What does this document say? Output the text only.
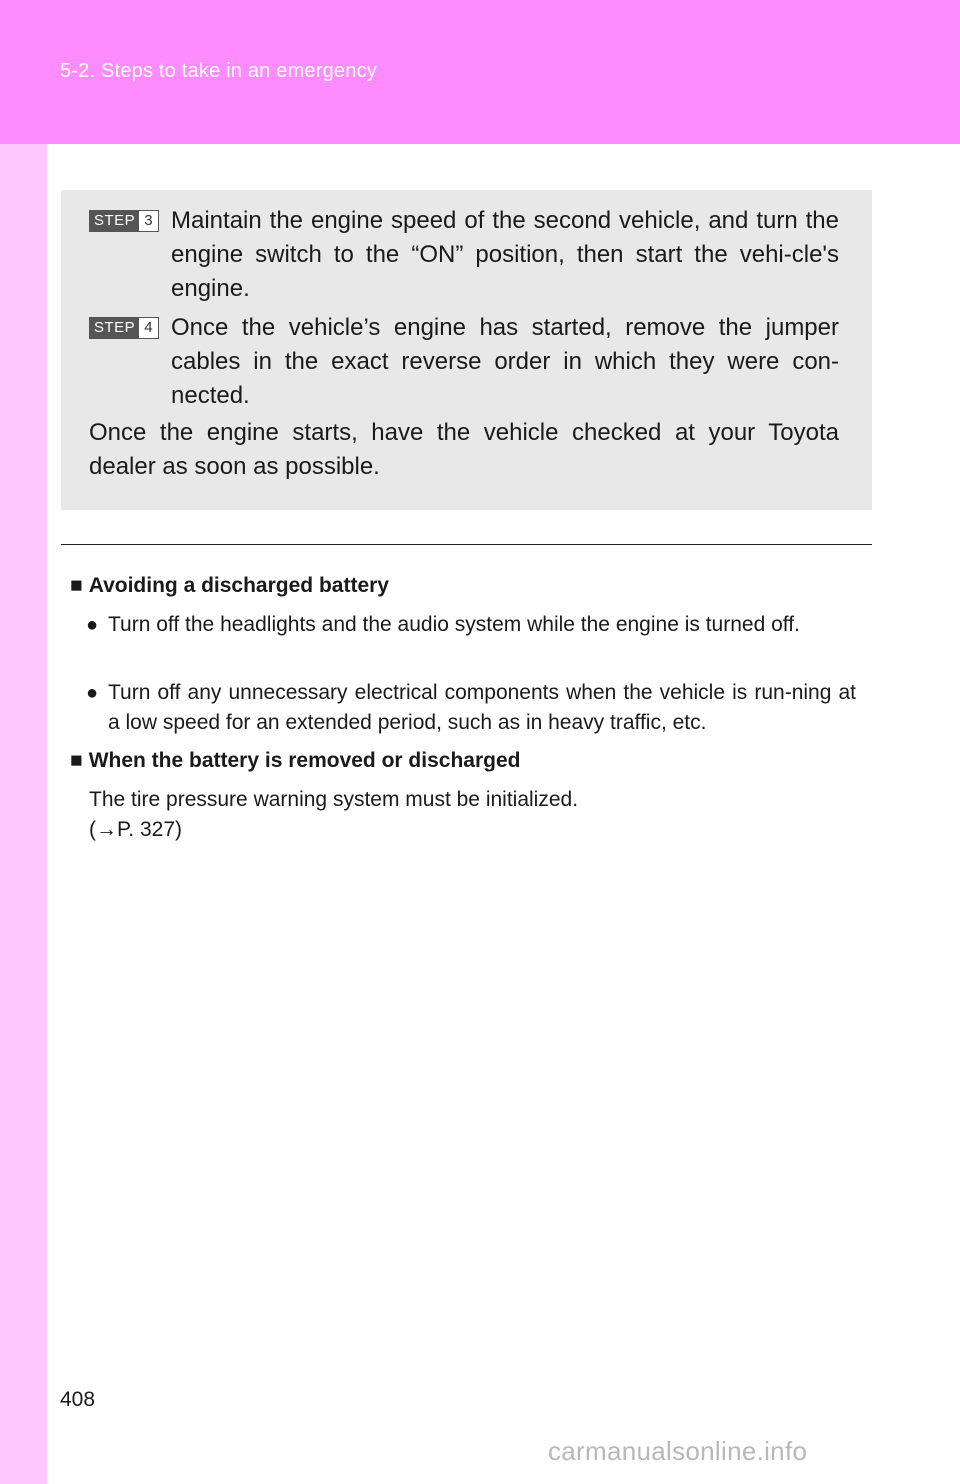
5-2. Steps to take in an emergency
STEP 3 Maintain the engine speed of the second vehicle, and turn the engine switch to the “ON” position, then start the vehi-cle's engine.
STEP 4 Once the vehicle’s engine has started, remove the jumper cables in the exact reverse order in which they were con-nected.
Once the engine starts, have the vehicle checked at your Toyota dealer as soon as possible.
■ Avoiding a discharged battery
● Turn off the headlights and the audio system while the engine is turned off.
● Turn off any unnecessary electrical components when the vehicle is run-ning at a low speed for an extended period, such as in heavy traffic, etc.
■ When the battery is removed or discharged
The tire pressure warning system must be initialized.
(→P. 327)
408
carmanualsonline.info
